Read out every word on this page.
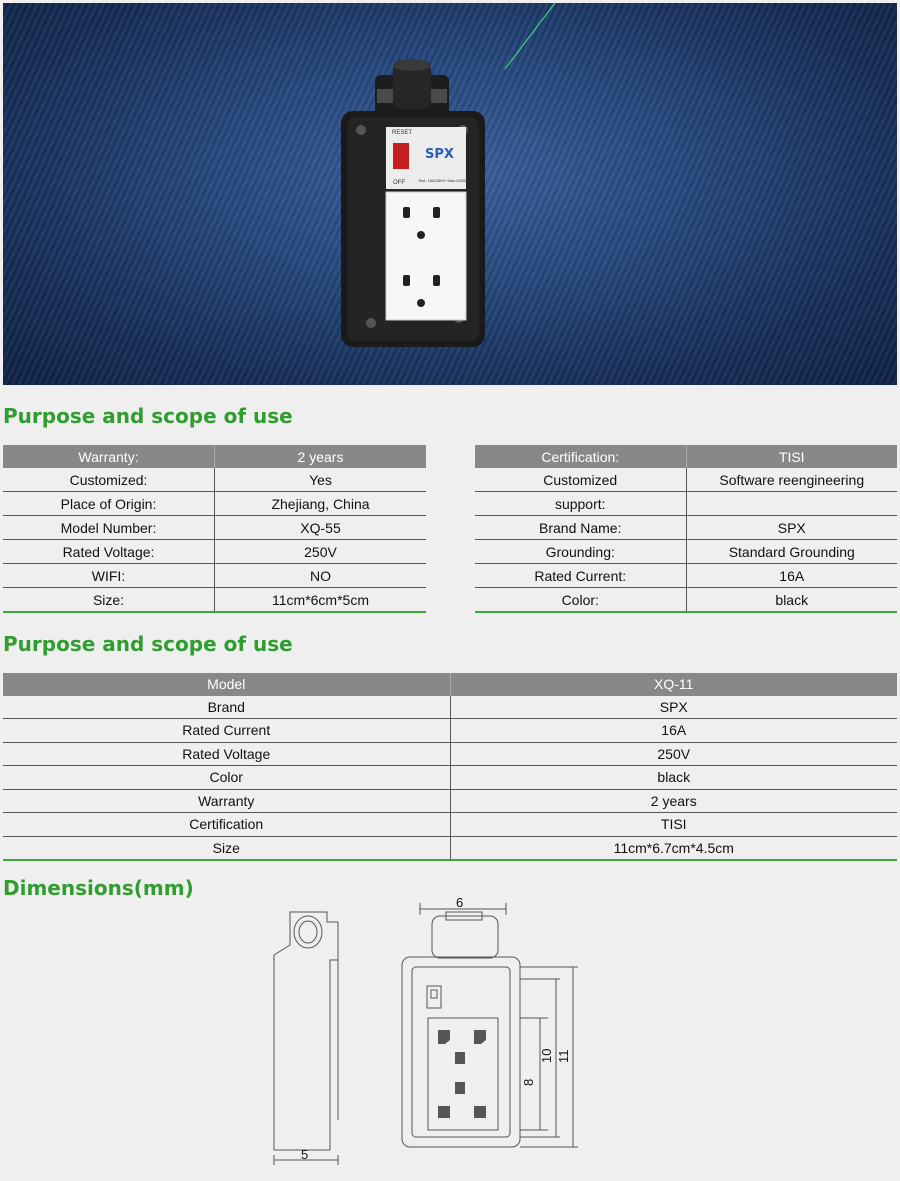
RESET
OFF
SPX
Test: 16A/250V~Max:2500W
Purpose and scope of use
Warranty:	2 years
Customized:	Yes
Place of Origin:	Zhejiang, China
Model Number:	XQ-55
Rated Voltage:	250V
WIFI:	NO
Size:	11cm*6cm*5cm
Certification:	TISI
Customized	Software reengineering
support:	
Brand Name:	SPX
Grounding:	Standard Grounding
Rated Current:	16A
Color:	black
Purpose and scope of use
Model	XQ-11
Brand	SPX
Rated Current	16A
Rated Voltage	250V
Color	black
Warranty	2 years
Certification	TISI
Size	11cm*6.7cm*4.5cm
Dimensions(mm)
6
5
8
10 11
